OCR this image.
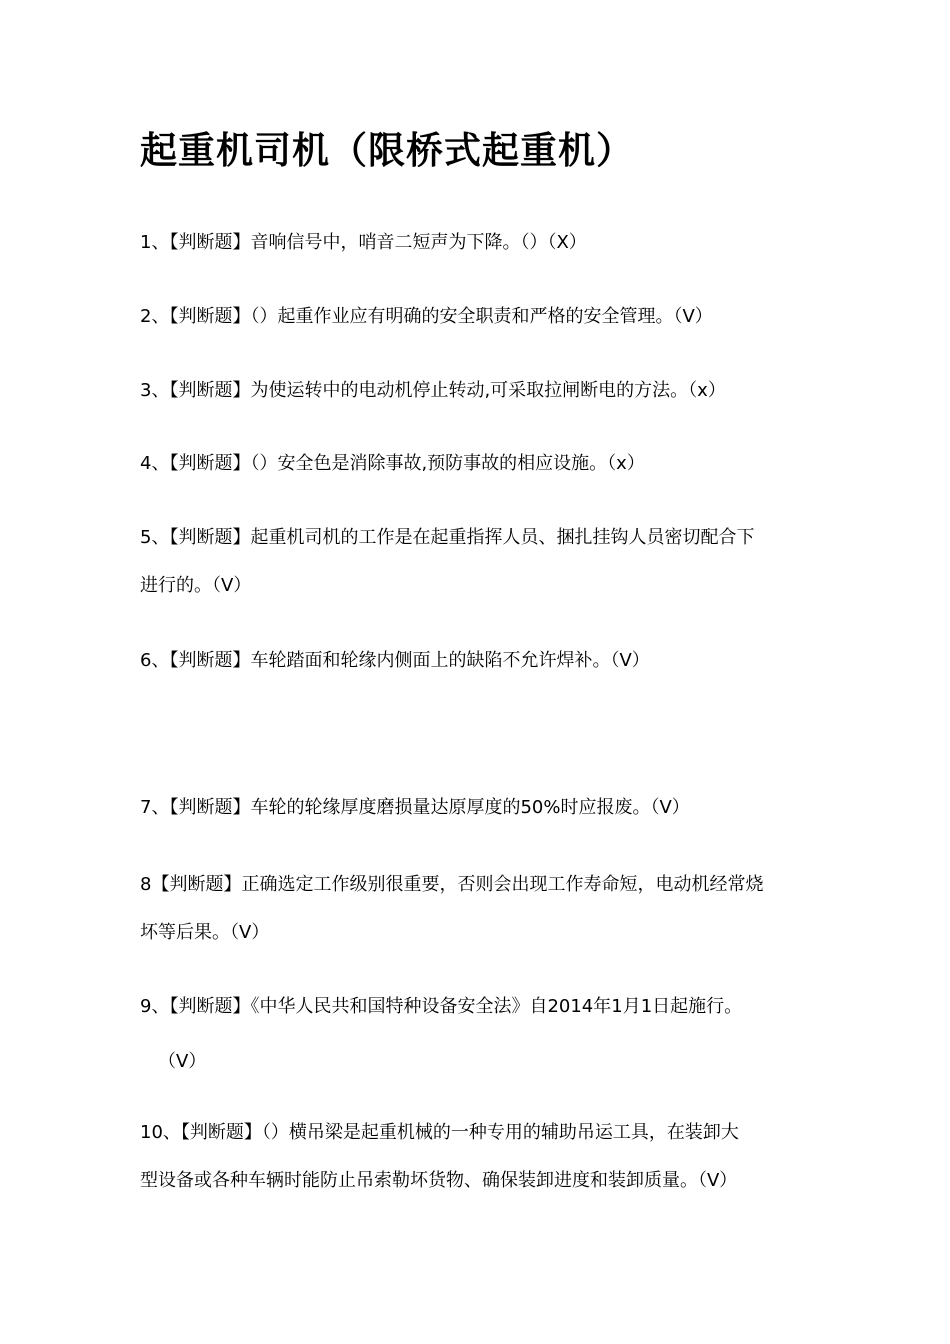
起重机司机（限桥式起重机）
1、【判断题】音响信号中，哨音二短声为下降。（）（X）
2、【判断题】（）起重作业应有明确的安全职责和严格的安全管理。（V）
3、【判断题】为使运转中的电动机停止转动,可采取拉闸断电的方法。（x）
4、【判断题】（）安全色是消除事故,预防事故的相应设施。（x）
5、【判断题】起重机司机的工作是在起重指挥人员、捆扎挂钩人员密切配合下
进行的。（V）
6、【判断题】车轮踏面和轮缘内侧面上的缺陷不允许焊补。（V）
7、【判断题】车轮的轮缘厚度磨损量达原厚度的50%时应报废。（V）
8【判断题】正确选定工作级别很重要，否则会出现工作寿命短，电动机经常烧
坏等后果。（V）
9、【判断题】《中华人民共和国特种设备安全法》自2014年1月1日起施行。
（V）
10、【判断题】（）横吊梁是起重机械的一种专用的辅助吊运工具，在装卸大
型设备或各种车辆时能防止吊索勒坏货物、确保装卸进度和装卸质量。（V）
